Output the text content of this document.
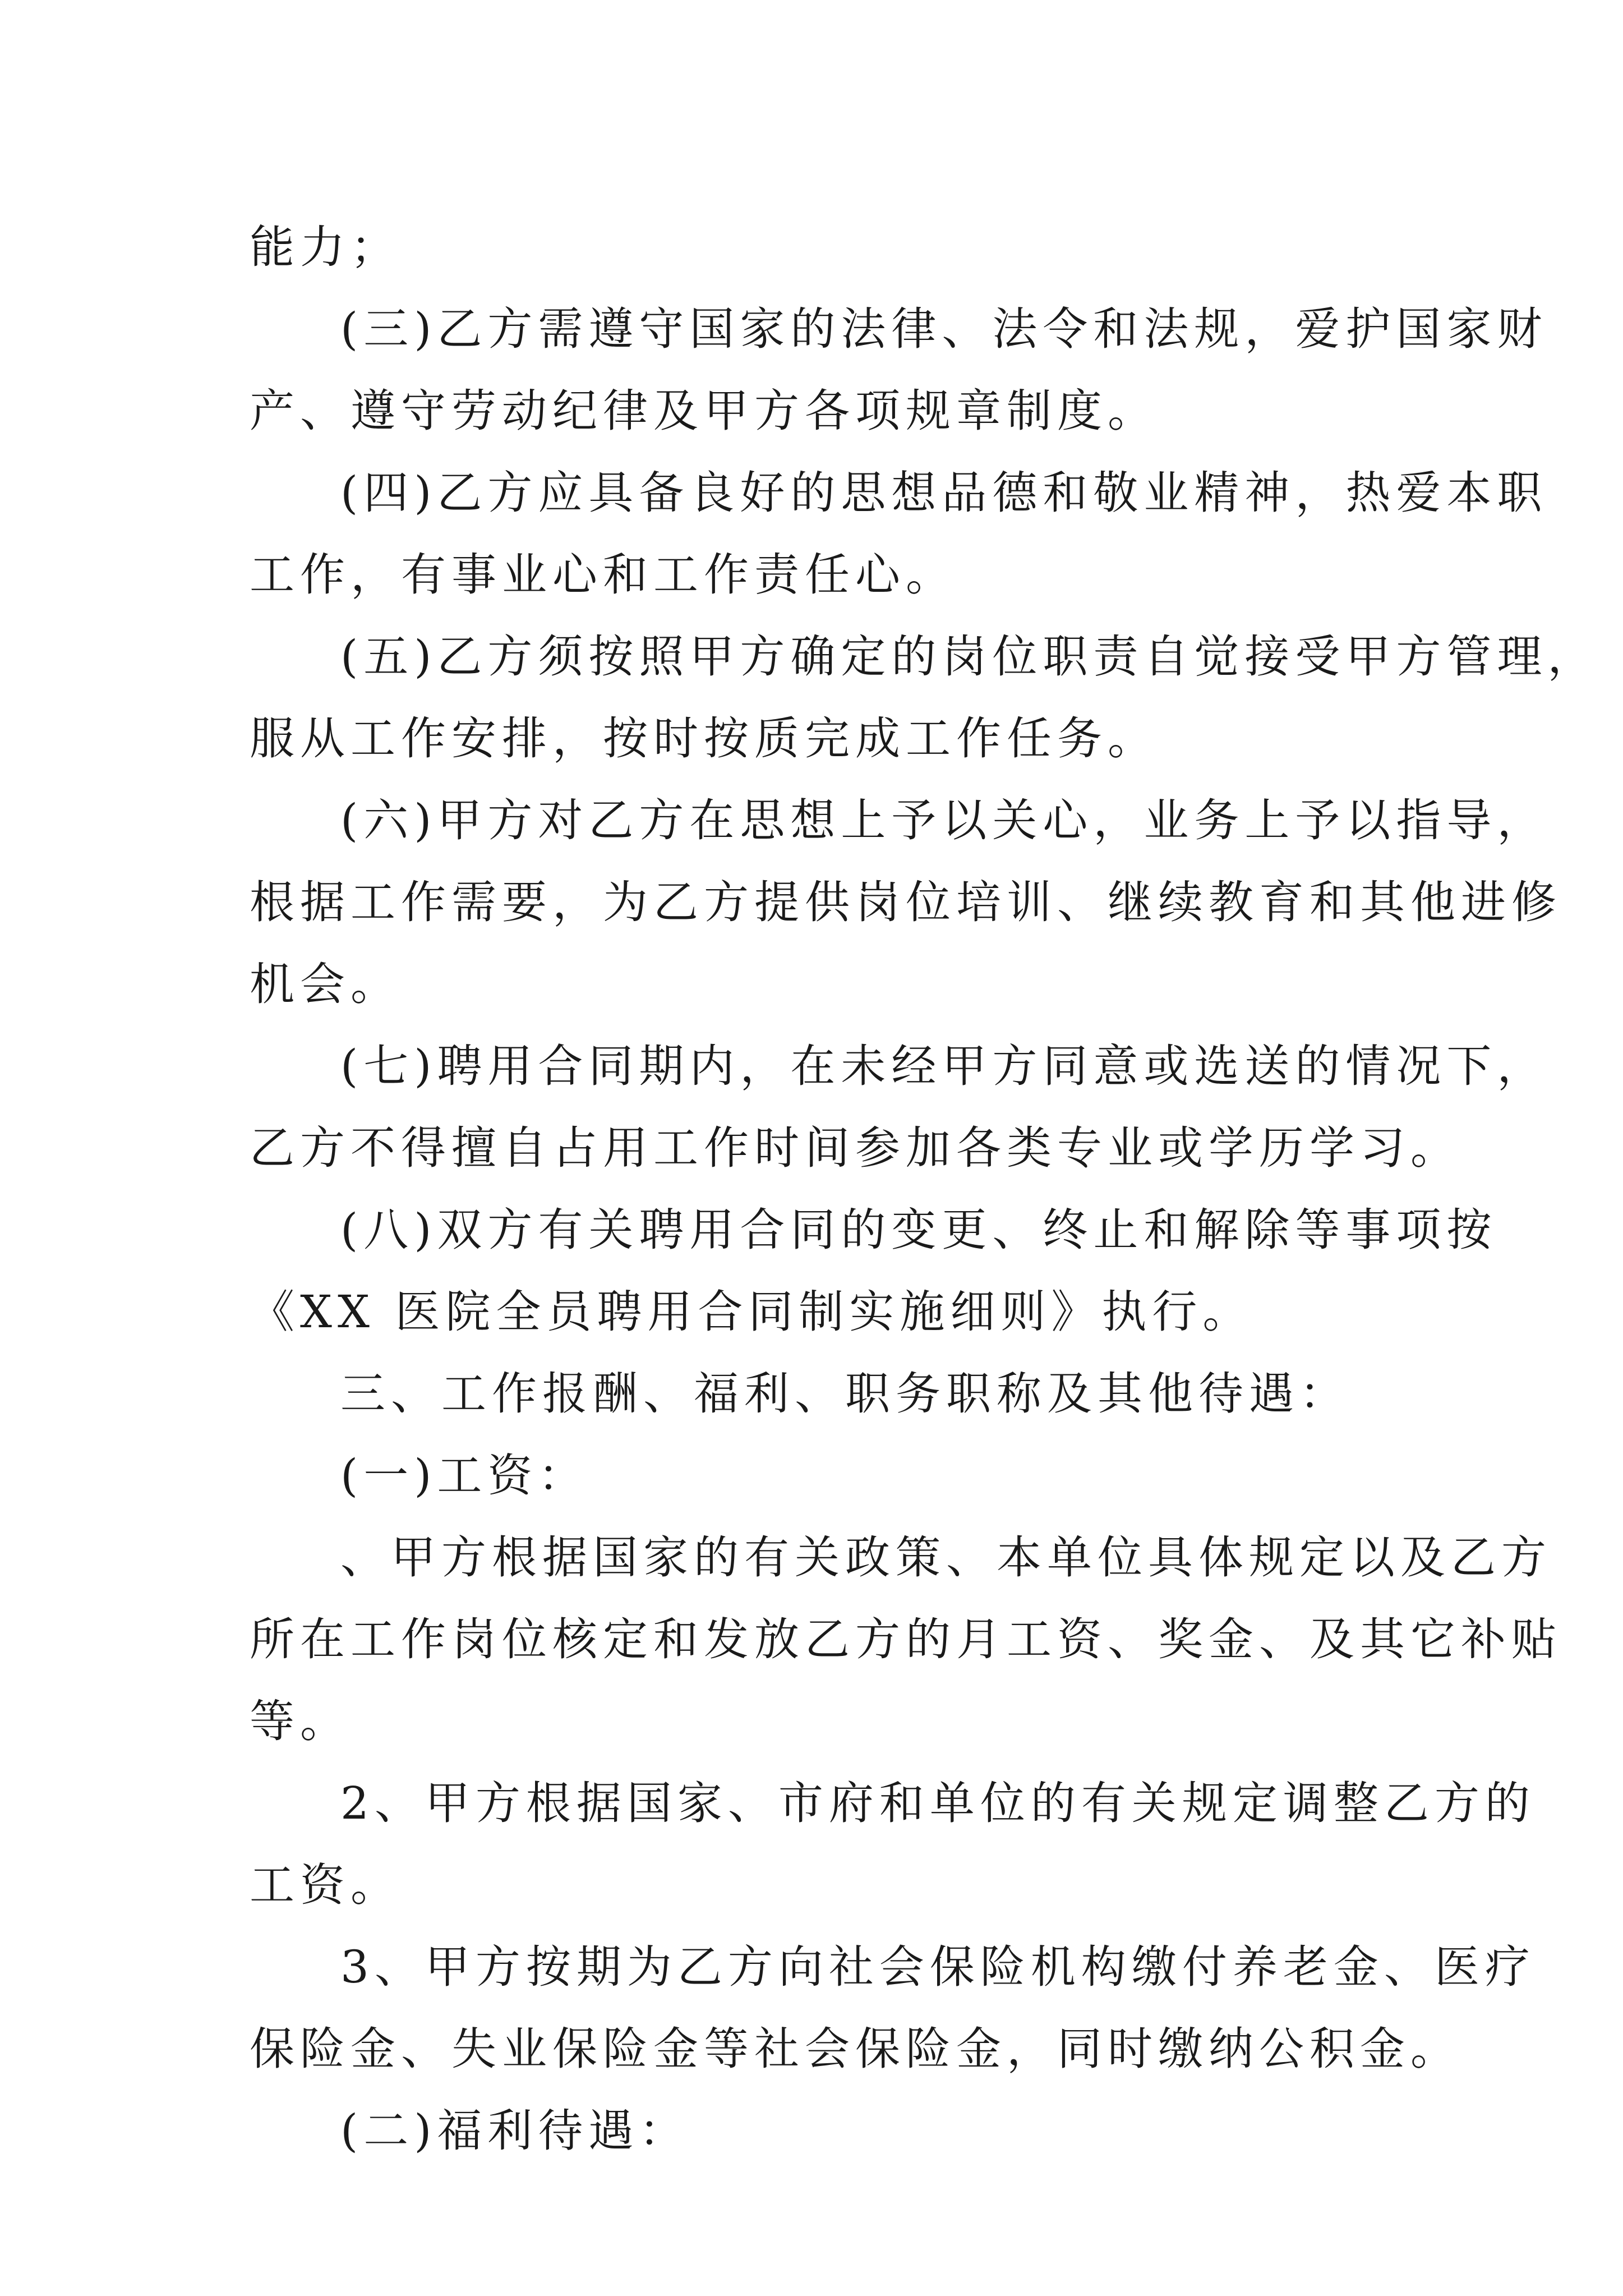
能力；
(三)乙方需遵守国家的法律、法令和法规，爱护国家财
产、遵守劳动纪律及甲方各项规章制度。
(四)乙方应具备良好的思想品德和敬业精神，热爱本职
工作，有事业心和工作责任心。
(五)乙方须按照甲方确定的岗位职责自觉接受甲方管理，
服从工作安排，按时按质完成工作任务。
(六)甲方对乙方在思想上予以关心，业务上予以指导，
根据工作需要，为乙方提供岗位培训、继续教育和其他进修
机会。
(七)聘用合同期内，在未经甲方同意或选送的情况下，
乙方不得擅自占用工作时间参加各类专业或学历学习。
(八)双方有关聘用合同的变更、终止和解除等事项按
《XX 医院全员聘用合同制实施细则》执行。
三、工作报酬、福利、职务职称及其他待遇：
(一)工资：
、甲方根据国家的有关政策、本单位具体规定以及乙方
所在工作岗位核定和发放乙方的月工资、奖金、及其它补贴
等。
2、甲方根据国家、市府和单位的有关规定调整乙方的
工资。
3、甲方按期为乙方向社会保险机构缴付养老金、医疗
保险金、失业保险金等社会保险金，同时缴纳公积金。
(二)福利待遇：
